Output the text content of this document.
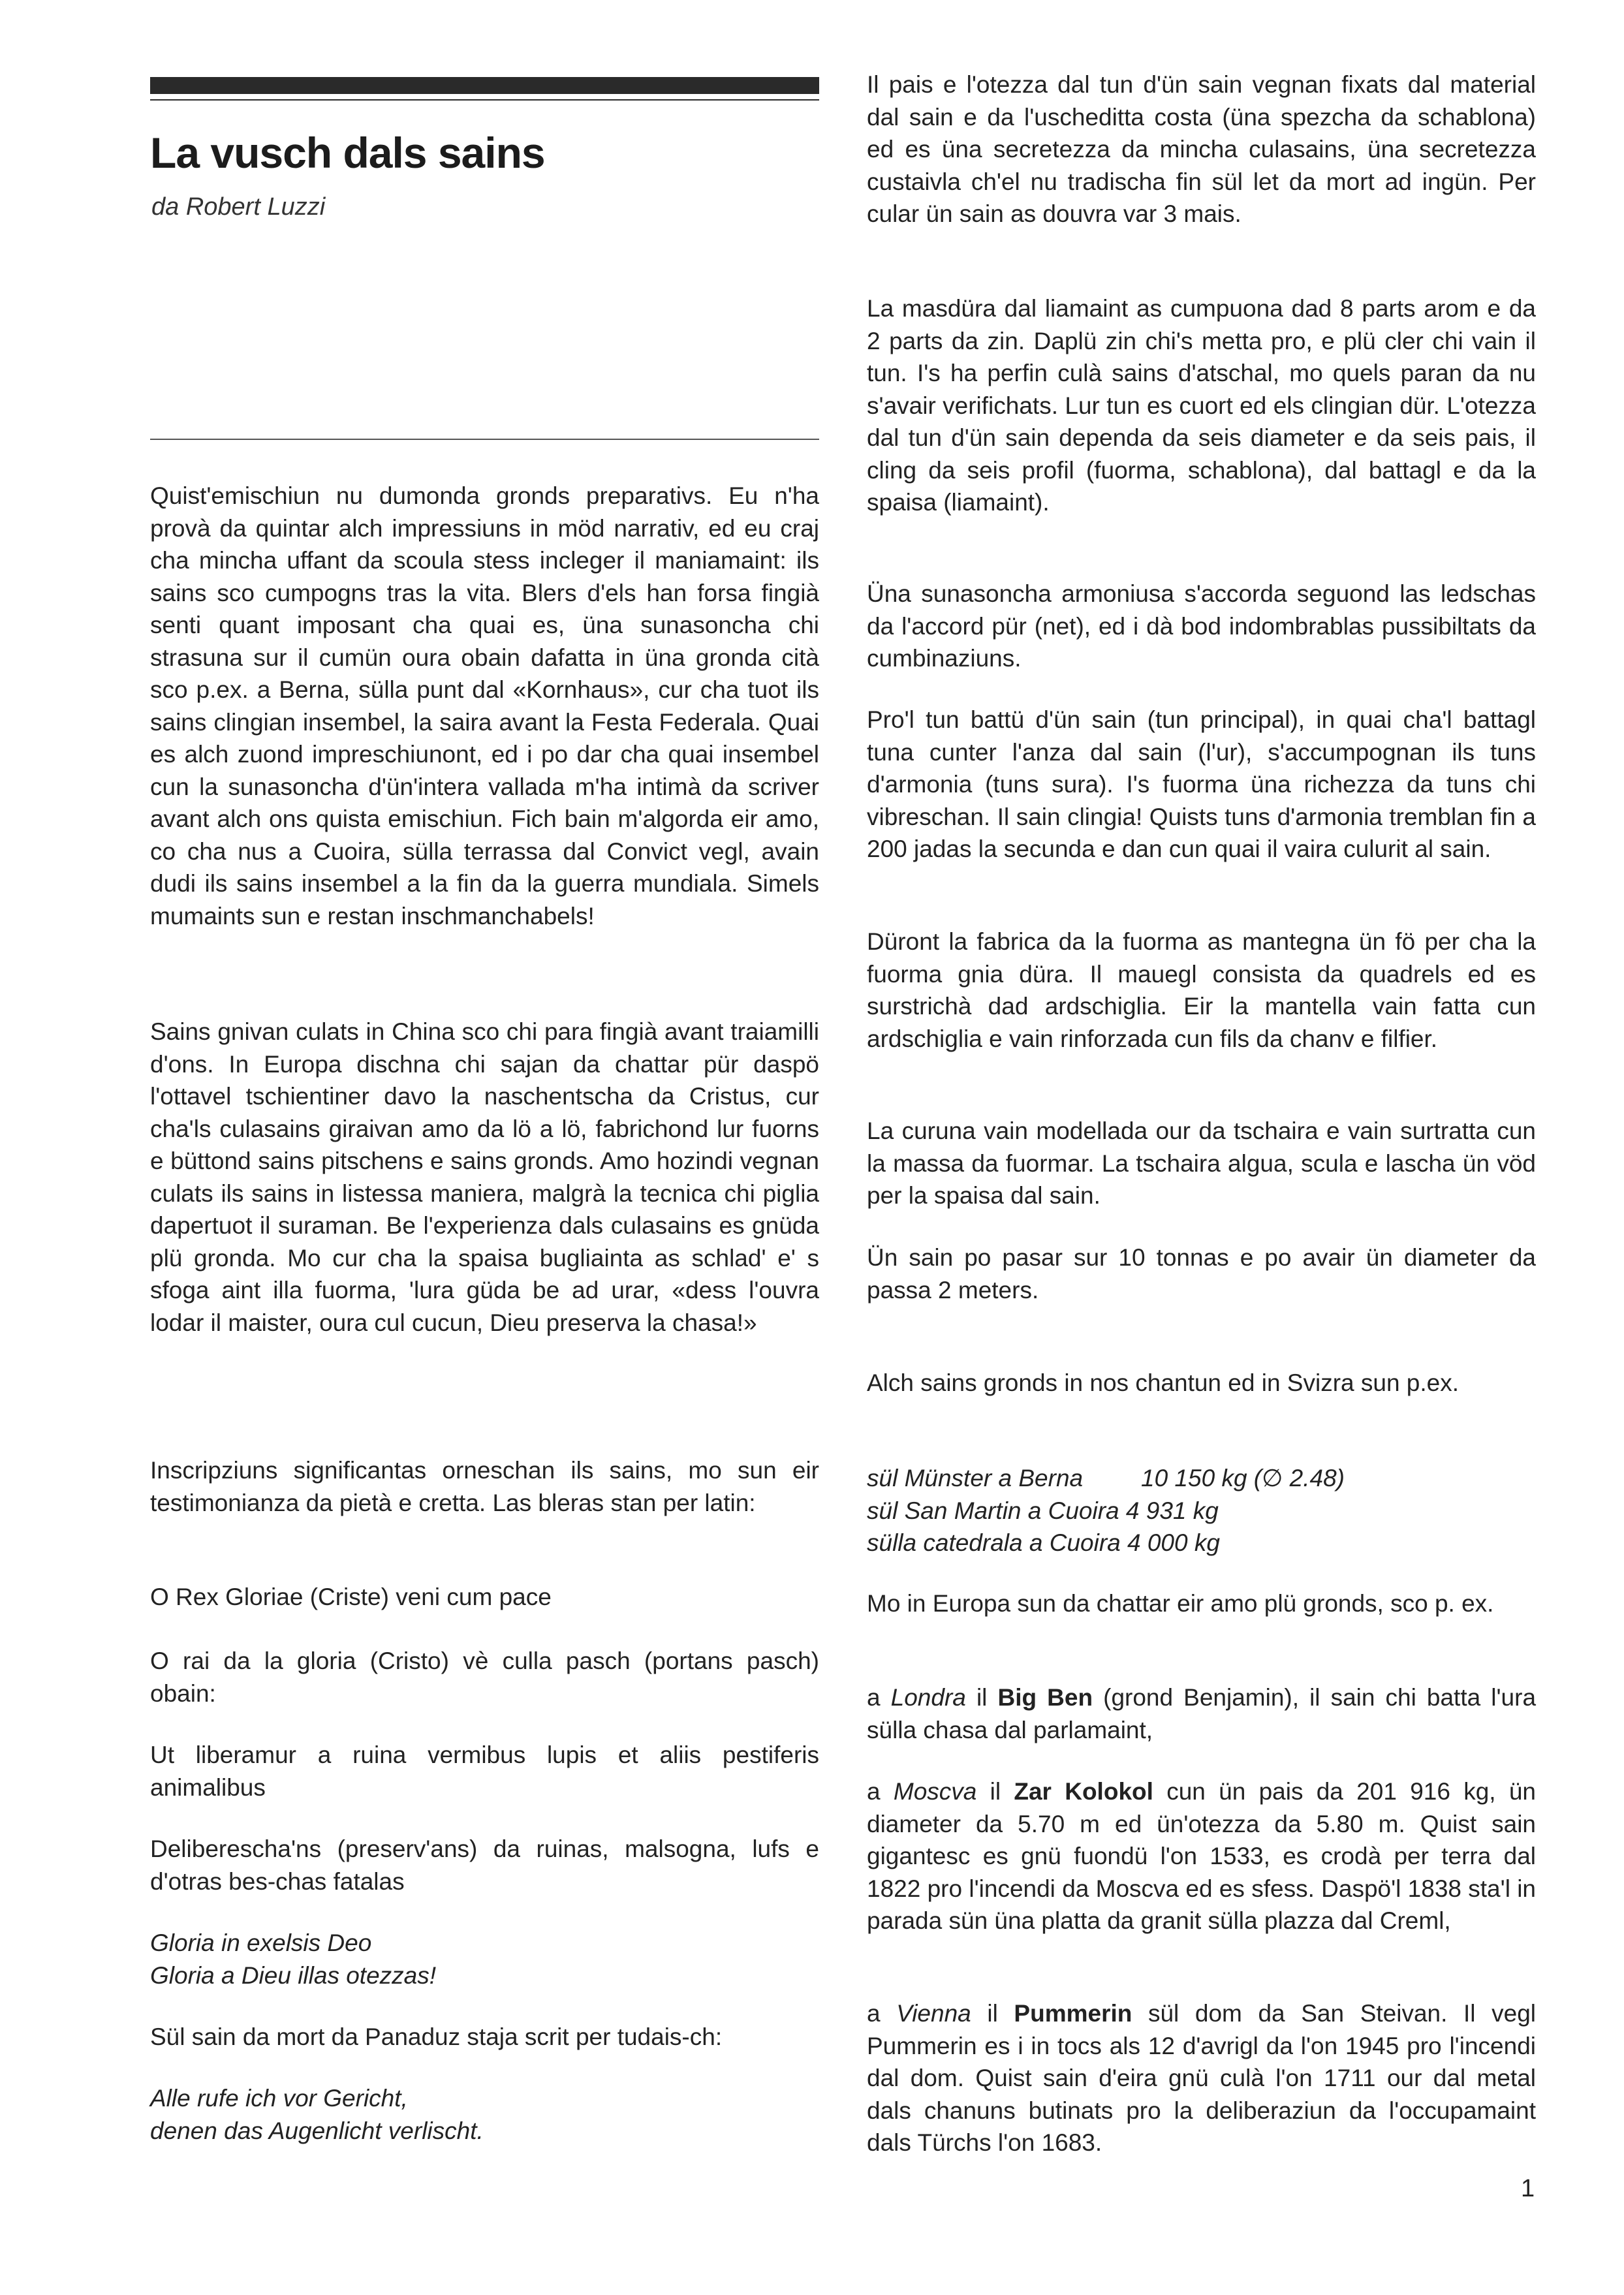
La vusch dals sains

da Robert Luzzi

Quist'emischiun nu dumonda gronds preparativs. Eu n'ha provà da quintar alch impressiuns in möd narrativ, ed eu craj cha mincha uffant da scoula stess incleger il maniamaint: ils sains sco cumpogns tras la vita. Blers d'els han forsa fingià senti quant imposant cha quai es, üna sunasoncha chi strasuna sur il cumün oura obain dafatta in üna gronda cità sco p.ex. a Berna, sülla punt dal «Kornhaus», cur cha tuot ils sains clingian insembel, la saira avant la Festa Federala. Quai es alch zuond impreschiunont, ed i po dar cha quai insembel cun la sunasoncha d'ün'intera vallada m'ha intimà da scriver avant alch ons quista emischiun. Fich bain m'algorda eir amo, co cha nus a Cuoira, sülla terrassa dal Convict vegl, avain dudi ils sains insembel a la fin da la guerra mundiala. Simels mumaints sun e restan inschmanchabels!

Sains gnivan culats in China sco chi para fingià avant traiamilli d'ons. In Europa dischna chi sajan da chattar pür daspö l'ottavel tschientiner davo la naschentscha da Cristus, cur cha'ls culasains giraivan amo da lö a lö, fabrichond lur fuorns e büttond sains pitschens e sains gronds. Amo hozindi vegnan culats ils sains in listessa maniera, malgrà la tecnica chi piglia dapertuot il suraman. Be l'experienza dals culasains es gnüda plü gronda. Mo cur cha la spaisa bugliainta as schlad' e' s sfoga aint illa fuorma, 'lura güda be ad urar, «dess l'ouvra lodar il maister, oura cul cucun, Dieu preserva la chasa!»

Inscripziuns significantas orneschan ils sains, mo sun eir testimonianza da pietà e cretta. Las bleras stan per latin:

O Rex Gloriae (Criste) veni cum pace

O rai da la gloria (Cristo) vè culla pasch (portans pasch) obain:

Ut liberamur a ruina vermibus lupis et aliis pestiferis animalibus

Delibereschа'ns (preserv'ans) da ruinas, malsogna, lufs e d'otras bes-chas fatalas

Gloria in exelsis Deo
Gloria a Dieu illas otezzas!

Sül sain da mort da Panaduz staja scrit per tudais-ch:

Alle rufe ich vor Gericht,
denen das Augenlicht verlischt.

Il pais e l'otezza dal tun d'ün sain vegnan fixats dal material dal sain e da l'uscheditta costa (üna spezcha da schablona) ed es üna secretezza da mincha culasains, üna secretezza custaivla ch'el nu tradischa fin sül let da mort ad ingün. Per cular ün sain as douvra var 3 mais.

La masdüra dal liamaint as cumpuona dad 8 parts arom e da 2 parts da zin. Daplü zin chi's metta pro, e plü cler chi vain il tun. I's ha perfin culà sains d'atschal, mo quels paran da nu s'avair verifichats. Lur tun es cuort ed els clingian dür. L'otezza dal tun d'ün sain dependa da seis diameter e da seis pais, il cling da seis profil (fuorma, schablona), dal battagl e da la spaisa (liamaint).

Üna sunasoncha armoniusa s'accorda seguond las ledschas da l'accord pür (net), ed i dà bod indombrablas pussibiltats da cumbinaziuns.

Pro'l tun battü d'ün sain (tun principal), in quai cha'l battagl tuna cunter l'anza dal sain (l'ur), s'accumpognan ils tuns d'armonia (tuns sura). I's fuorma üna richezza da tuns chi vibreschan. Il sain clingia! Quists tuns d'armonia tremblan fin a 200 jadas la secunda e dan cun quai il vaira culurit al sain.

Düront la fabrica da la fuorma as mantegna ün fö per cha la fuorma gnia düra. Il mauegl consista da quadrels ed es surstrichà dad ardschiglia. Eir la mantella vain fatta cun ardschiglia e vain rinforzada cun fils da chanv e filfier.

La curuna vain modellada our da tschaira e vain surtratta cun la massa da fuormar. La tschaira algua, scula e lascha ün vöd per la spaisa dal sain.

Ün sain po pasar sur 10 tonnas e po avair ün diameter da passa 2 meters.

Alch sains gronds in nos chantun ed in Svizra sun p.ex.

sül Münster a Berna 10 150 kg (∅ 2.48)
sül San Martin a Cuoira 4 931 kg
sülla catedrala a Cuoira 4 000 kg

Mo in Europa sun da chattar eir amo plü gronds, sco p. ex.

a Londra il Big Ben (grond Benjamin), il sain chi batta l'ura sülla chasa dal parlamaint,

a Moscva il Zar Kolokol cun ün pais da 201 916 kg, ün diameter da 5.70 m ed ün'otezza da 5.80 m. Quist sain gigantesc es gnü fuondü l'on 1533, es crodà per terra dal 1822 pro l'incendi da Moscva ed es sfess. Daspö'l 1838 sta'l in parada sün üna platta da granit sülla plazza dal Creml,

a Vienna il Pummerin sül dom da San Steivan. Il vegl Pummerin es i in tocs als 12 d'avrigl da l'on 1945 pro l'incendi dal dom. Quist sain d'eira gnü culà l'on 1711 our dal metal dals chanuns butinats pro la deliberaziun da l'occupamaint dals Türchs l'on 1683.

1
